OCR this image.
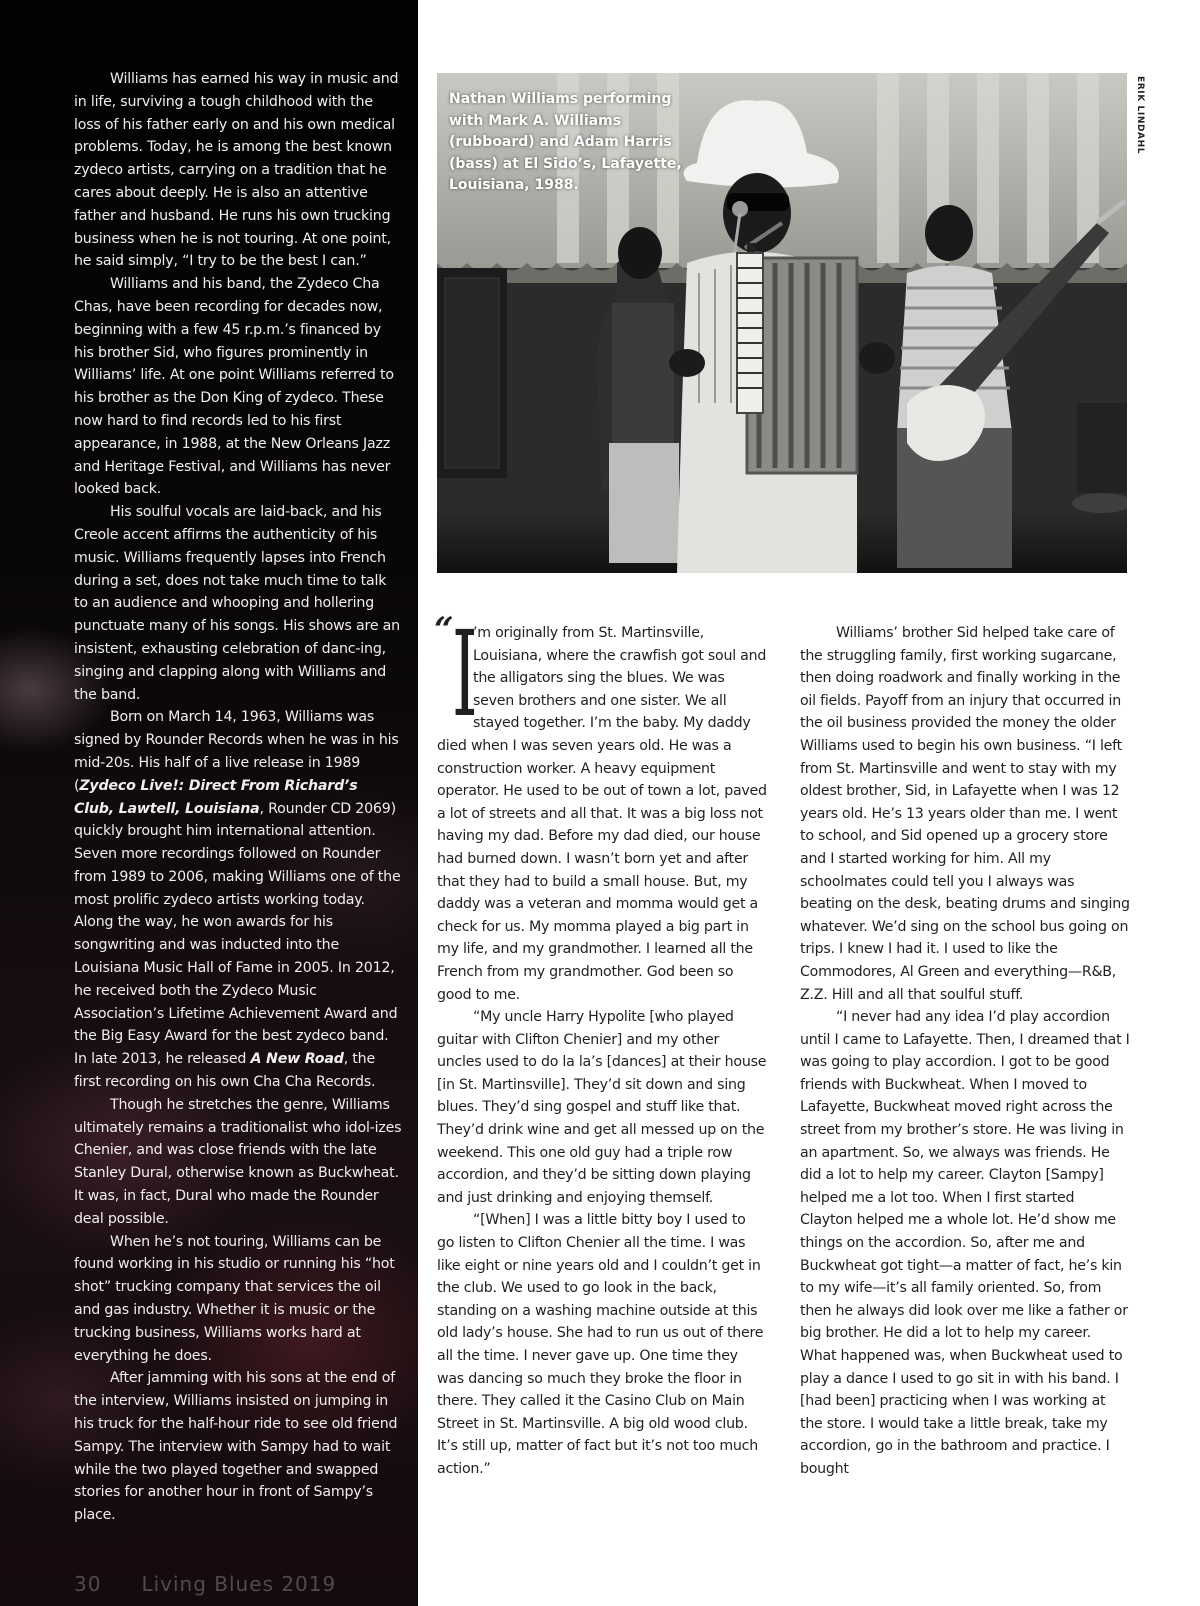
Williams has earned his way in music and in life, surviving a tough childhood with the loss of his father early on and his own medical problems. Today, he is among the best known zydeco artists, carrying on a tradition that he cares about deeply. He is also an attentive father and husband. He runs his own trucking business when he is not touring. At one point, he said simply, “I try to be the best I can.”

Williams and his band, the Zydeco Cha Chas, have been recording for decades now, beginning with a few 45 r.p.m.’s financed by his brother Sid, who figures prominently in Williams’ life. At one point Williams referred to his brother as the Don King of zydeco. These now hard to find records led to his first appearance, in 1988, at the New Orleans Jazz and Heritage Festival, and Williams has never looked back.

His soulful vocals are laid-back, and his Creole accent affirms the authenticity of his music. Williams frequently lapses into French during a set, does not take much time to talk to an audience and whooping and hollering punctuate many of his songs. His shows are an insistent, exhausting celebration of danc-ing, singing and clapping along with Williams and the band.

Born on March 14, 1963, Williams was signed by Rounder Records when he was in his mid-20s. His half of a live release in 1989 (Zydeco Live!: Direct From Richard’s Club, Lawtell, Louisiana, Rounder CD 2069) quickly brought him international attention. Seven more recordings followed on Rounder from 1989 to 2006, making Williams one of the most prolific zydeco artists working today. Along the way, he won awards for his songwriting and was inducted into the Louisiana Music Hall of Fame in 2005. In 2012, he received both the Zydeco Music Association’s Lifetime Achievement Award and the Big Easy Award for the best zydeco band. In late 2013, he released A New Road, the first recording on his own Cha Cha Records.

Though he stretches the genre, Williams ultimately remains a traditionalist who idol-izes Chenier, and was close friends with the late Stanley Dural, otherwise known as Buckwheat. It was, in fact, Dural who made the Rounder deal possible.

When he’s not touring, Williams can be found working in his studio or running his “hot shot” trucking company that services the oil and gas industry. Whether it is music or the trucking business, Williams works hard at everything he does.

After jamming with his sons at the end of the interview, Williams insisted on jumping in his truck for the half-hour ride to see old friend Sampy. The interview with Sampy had to wait while the two played together and swapped stories for another hour in front of Sampy’s place.

30 Living Blues 2019
Nathan Williams performing with Mark A. Williams (rubboard) and Adam Harris (bass) at El Sido’s, Lafayette, Louisiana, 1988.
ERIK LINDAHL

“
I
’m originally from St. Martinsville, Louisiana, where the crawfish got soul and the alligators sing the blues. We was seven brothers and one sister. We all stayed together. I’m the baby. My daddy died when I was seven years old. He was a construction worker. A heavy equipment operator. He used to be out of town a lot, paved a lot of streets and all that. It was a big loss not having my dad. Before my dad died, our house had burned down. I wasn’t born yet and after that they had to build a small house. But, my daddy was a veteran and momma would get a check for us. My momma played a big part in my life, and my grandmother. I learned all the French from my grandmother. God been so good to me.

“My uncle Harry Hypolite [who played guitar with Clifton Chenier] and my other uncles used to do la la’s [dances] at their house [in St. Martinsville]. They’d sit down and sing blues. They’d sing gospel and stuff like that. They’d drink wine and get all messed up on the weekend. This one old guy had a triple row accordion, and they’d be sitting down playing and just drinking and enjoying themself.

“[When] I was a little bitty boy I used to go listen to Clifton Chenier all the time. I was like eight or nine years old and I couldn’t get in the club. We used to go look in the back, standing on a washing machine outside at this old lady’s house. She had to run us out of there all the time. I never gave up. One time they was dancing so much they broke the floor in there. They called it the Casino Club on Main Street in St. Martinsville. A big old wood club. It’s still up, matter of fact but it’s not too much action.”

Williams’ brother Sid helped take care of the struggling family, first working sugarcane, then doing roadwork and finally working in the oil fields. Payoff from an injury that occurred in the oil business provided the money the older Williams used to begin his own business. “I left from St. Martinsville and went to stay with my oldest brother, Sid, in Lafayette when I was 12 years old. He’s 13 years older than me. I went to school, and Sid opened up a grocery store and I started working for him. All my schoolmates could tell you I always was beating on the desk, beating drums and singing whatever. We’d sing on the school bus going on trips. I knew I had it. I used to like the Commodores, Al Green and everything—R&B, Z.Z. Hill and all that soulful stuff.

“I never had any idea I’d play accordion until I came to Lafayette. Then, I dreamed that I was going to play accordion. I got to be good friends with Buckwheat. When I moved to Lafayette, Buckwheat moved right across the street from my brother’s store. He was living in an apartment. So, we always was friends. He did a lot to help my career. Clayton [Sampy] helped me a lot too. When I first started Clayton helped me a whole lot. He’d show me things on the accordion. So, after me and Buckwheat got tight—a matter of fact, he’s kin to my wife—it’s all family oriented. So, from then he always did look over me like a father or big brother. He did a lot to help my career. What happened was, when Buckwheat used to play a dance I used to go sit in with his band. I [had been] practicing when I was working at the store. I would take a little break, take my accordion, go in the bathroom and practice. I bought
